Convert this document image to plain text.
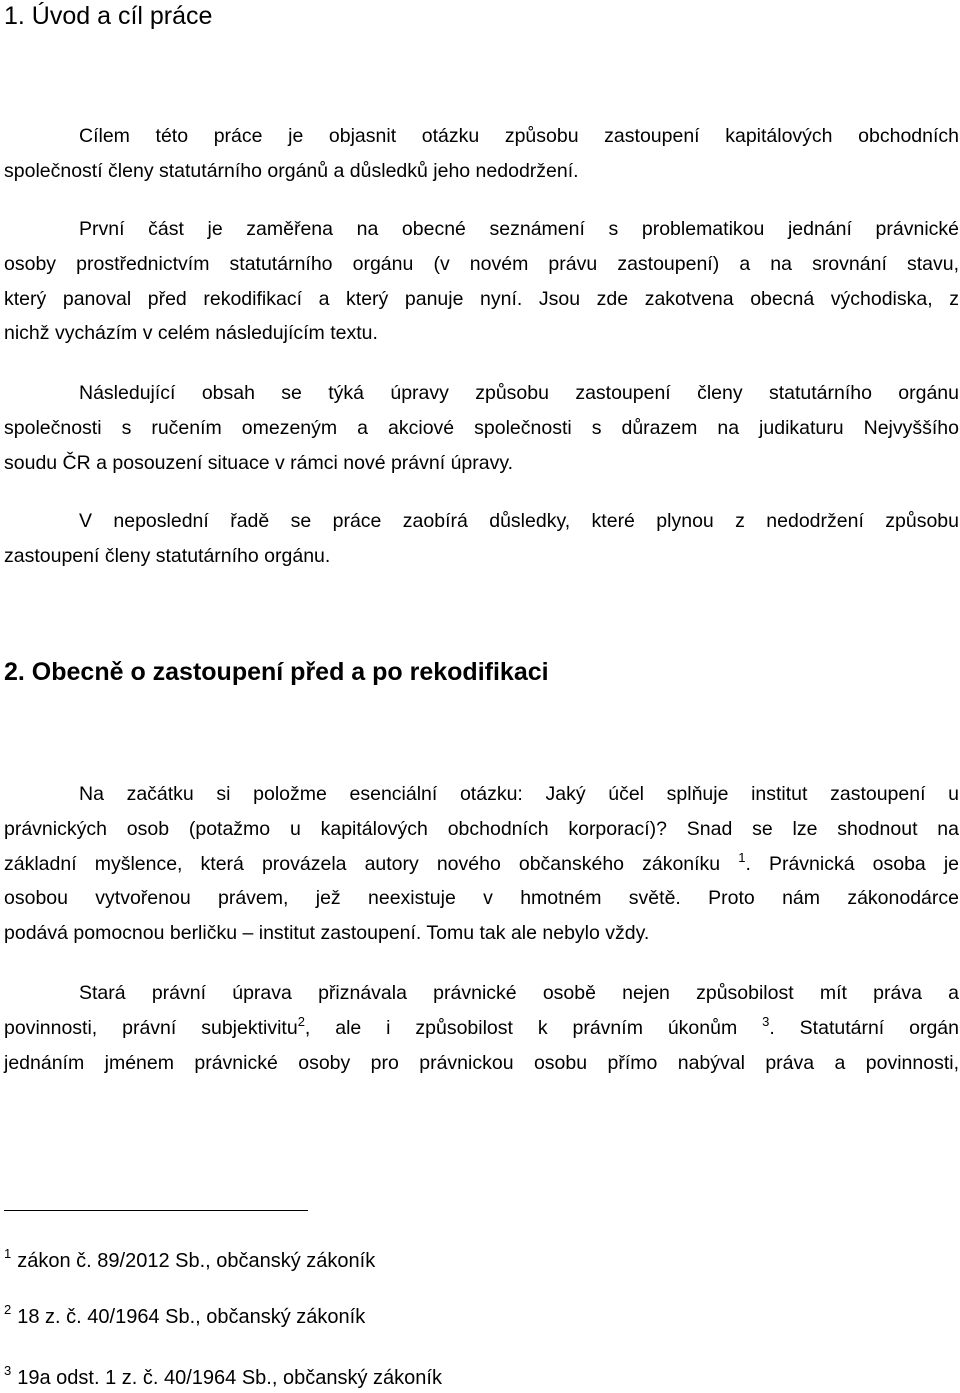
1. Úvod a cíl práce

Cílem této práce je objasnit otázku způsobu zastoupení kapitálových obchodních
společností členy statutárního orgánů a důsledků jeho nedodržení.

První část je zaměřena na obecné seznámení s problematikou jednání právnické
osoby prostřednictvím statutárního orgánu (v novém právu zastoupení) a na srovnání stavu,
který panoval před rekodifikací a který panuje nyní. Jsou zde zakotvena obecná východiska, z
nichž vycházím v celém následujícím textu.

Následující obsah se týká úpravy způsobu zastoupení členy statutárního orgánu
společnosti s ručením omezeným a akciové společnosti s důrazem na judikaturu Nejvyššího
soudu ČR a posouzení situace v rámci nové právní úpravy.

V neposlední řadě se práce zaobírá důsledky, které plynou z nedodržení způsobu
zastoupení členy statutárního orgánu.

2. Obecně o zastoupení před a po rekodifikaci

Na začátku si položme esenciální otázku: Jaký účel splňuje institut zastoupení u
právnických osob (potažmo u kapitálových obchodních korporací)? Snad se lze shodnout na
základní myšlence, která provázela autory nového občanského zákoníku $^1$. Právnická osoba je
osobou vytvořenou právem, jež neexistuje v hmotném světě. Proto nám zákonodárce
podává pomocnou berličku – institut zastoupení. Tomu tak ale nebylo vždy.

Stará právní úprava přiznávala právnické osobě nejen způsobilost mít práva a
povinnosti, právní subjektivitu$^2$, ale i způsobilost k právním úkonům $^3$. Statutární orgán
jednáním jménem právnické osoby pro právnickou osobu přímo nabýval práva a povinnosti,

$^1$ zákon č. 89/2012 Sb., občanský zákoník

$^2$ 18 z. č. 40/1964 Sb., občanský zákoník

$^3$ 19a odst. 1 z. č. 40/1964 Sb., občanský zákoník
